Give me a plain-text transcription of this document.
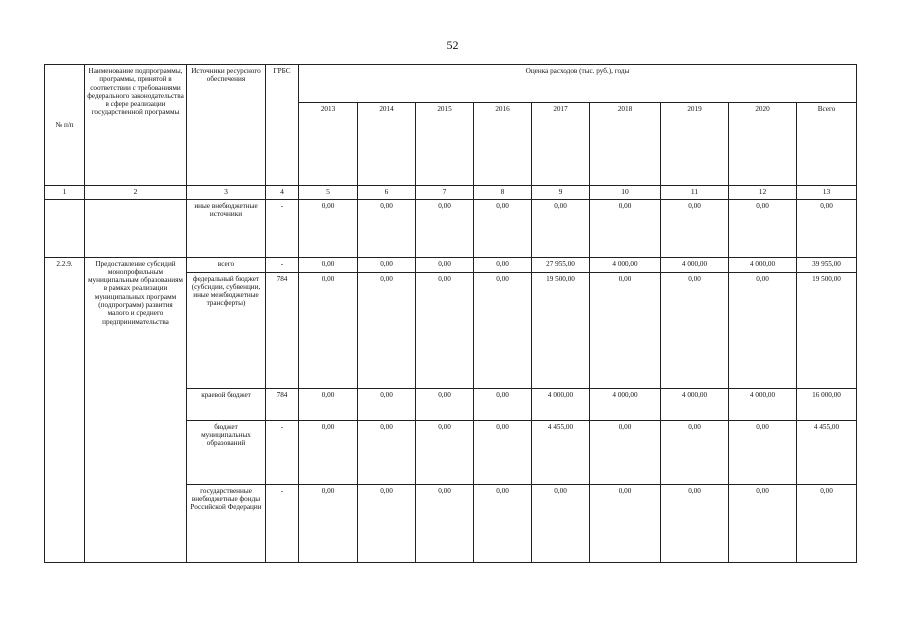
52
№ п/п	Наименование подпрограммы, программы, принятой в соответствии с требованиями федерального законодательства в сфере реализации государственной программы	Источники ресурсного обеспечения	ГРБС	Оценка расходов (тыс. руб.), годы								
				2013	2014	2015	2016	2017	2018	2019	2020	Всего
1	2	3	4	5	6	7	8	9	10	11	12	13
		иные внебюджетные источники	-	0,00	0,00	0,00	0,00	0,00	0,00	0,00	0,00	0,00
2.2.9.	Предоставление субсидий монопрофильным муниципальным образованиям в рамках реализации муниципальных программ (подпрограмм) развития малого и среднего предпринимательства	всего	-	0,00	0,00	0,00	0,00	27 955,00	4 000,00	4 000,00	4 000,00	39 955,00
		федеральный бюджет (субсидии, субвенции, иные межбюджетные трансферты)	784	0,00	0,00	0,00	0,00	19 500,00	0,00	0,00	0,00	19 500,00
		краевой бюджет	784	0,00	0,00	0,00	0,00	4 000,00	4 000,00	4 000,00	4 000,00	16 000,00
		бюджет муниципальных образований	-	0,00	0,00	0,00	0,00	4 455,00	0,00	0,00	0,00	4 455,00
		государственные внебюджетные фонды Российской Федерации	-	0,00	0,00	0,00	0,00	0,00	0,00	0,00	0,00	0,00
